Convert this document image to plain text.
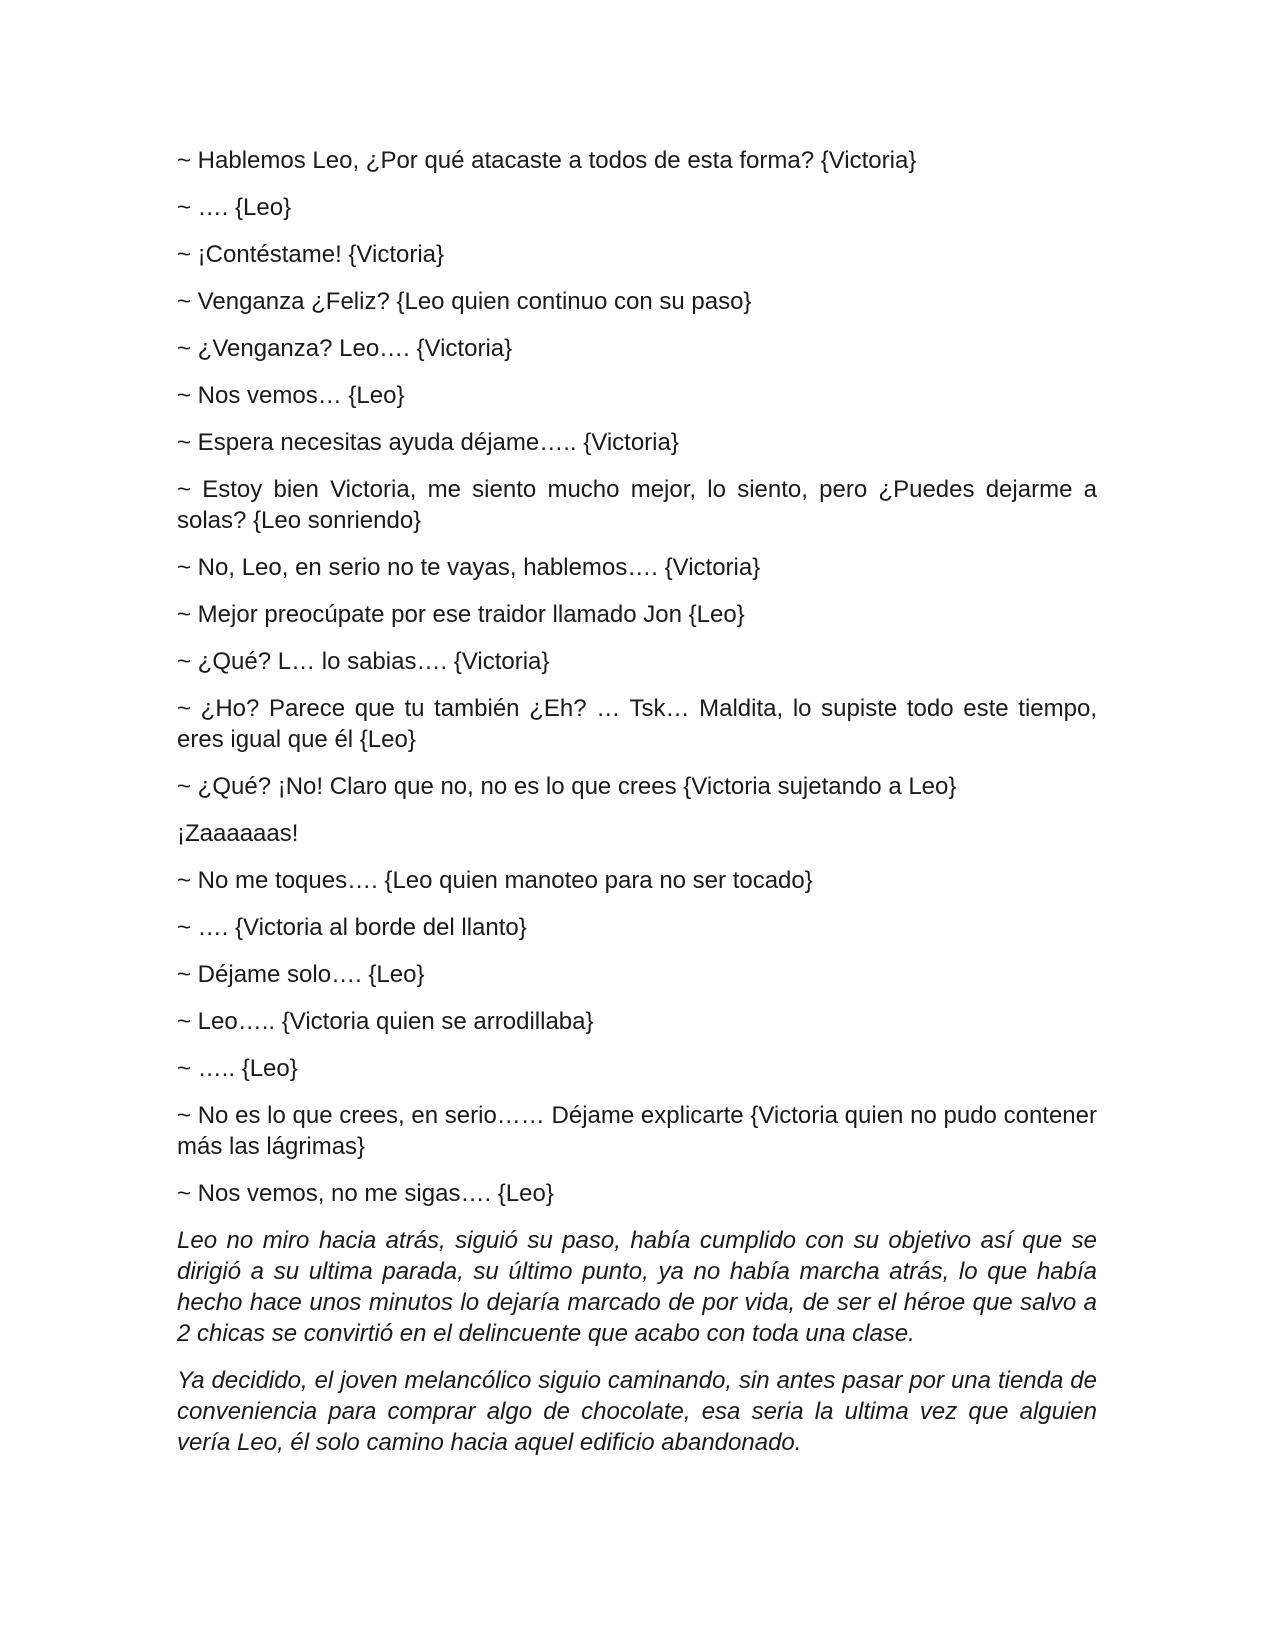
~ Hablemos Leo, ¿Por qué atacaste a todos de esta forma? {Victoria}

~ …. {Leo}

~ ¡Contéstame! {Victoria}

~ Venganza ¿Feliz? {Leo quien continuo con su paso}

~ ¿Venganza? Leo…. {Victoria}

~ Nos vemos… {Leo}

~ Espera necesitas ayuda déjame….. {Victoria}

~ Estoy bien Victoria, me siento mucho mejor, lo siento, pero ¿Puedes dejarme a solas? {Leo sonriendo}

~ No, Leo, en serio no te vayas, hablemos…. {Victoria}

~ Mejor preocúpate por ese traidor llamado Jon {Leo}

~ ¿Qué? L… lo sabias…. {Victoria}

~ ¿Ho? Parece que tu también ¿Eh? … Tsk… Maldita, lo supiste todo este tiempo, eres igual que él {Leo}

~ ¿Qué? ¡No! Claro que no, no es lo que crees {Victoria sujetando a Leo}

¡Zaaaaaas!

~ No me toques…. {Leo quien manoteo para no ser tocado}

~ …. {Victoria al borde del llanto}

~ Déjame solo…. {Leo}

~ Leo….. {Victoria quien se arrodillaba}

~ ….. {Leo}

~ No es lo que crees, en serio…… Déjame explicarte {Victoria quien no pudo contener más las lágrimas}

~ Nos vemos, no me sigas…. {Leo}

Leo no miro hacia atrás, siguió su paso, había cumplido con su objetivo así que se dirigió a su ultima parada, su último punto, ya no había marcha atrás, lo que había hecho hace unos minutos lo dejaría marcado de por vida, de ser el héroe que salvo a 2 chicas se convirtió en el delincuente que acabo con toda una clase.

Ya decidido, el joven melancólico siguio caminando, sin antes pasar por una tienda de conveniencia para comprar algo de chocolate, esa seria la ultima vez que alguien vería Leo, él solo camino hacia aquel edificio abandonado.
